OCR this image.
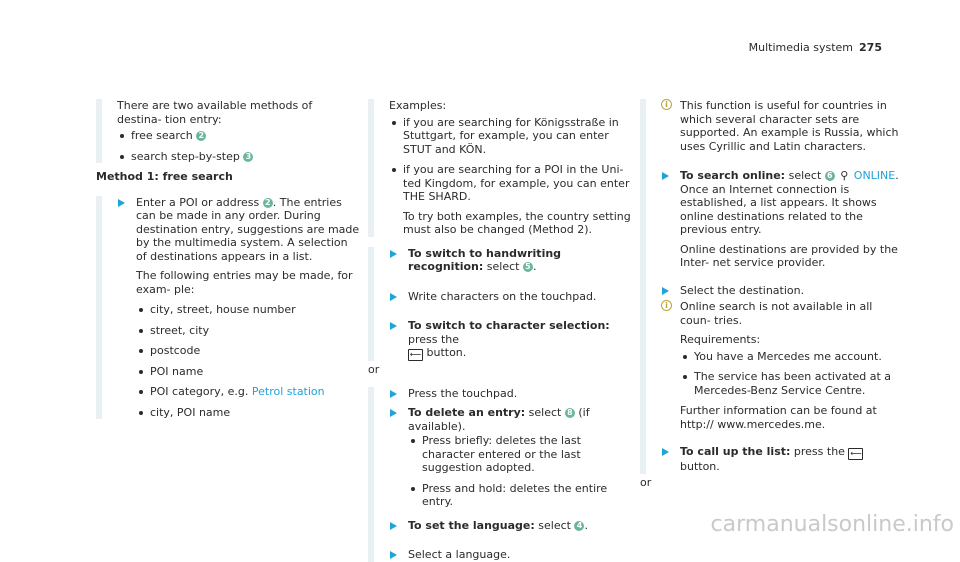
Multimedia system 275

There are two available methods of destina- tion entry:

free search 2
search step-by-step 3

Method 1: free search

Enter a POI or address 2 . The entries can be made in any order. During destination entry, suggestions are made by the multimedia system. A selection of destinations appears in a list.

The following entries may be made, for exam- ple:

city, street, house number
street, city
postcode
POI name
POI category, e.g. Petrol station
city, POI name

Examples:

if you are searching for Königsstraße in Stuttgart, for example, you can enter STUT and KÖN.
if you are searching for a POI in the Uni- ted Kingdom, for example, you can enter THE SHARD.

To try both examples, the country setting must also be changed (Method 2).

To switch to handwriting recognition: select 5 .
Write characters on the touchpad.
To switch to character selection: press the
⟵ button.

or

Press the touchpad.
To delete an entry: select 8 (if available).
Press briefly: deletes the last character entered or the last suggestion adopted.
Press and hold: deletes the entire entry.
To set the language: select 4 .
Select a language.
i	This function is useful for countries in which several character sets are supported. An example is Russia, which uses Cyrillic and Latin characters.
To search online: select 6 ⚲ ONLINE.

Once an Internet connection is established, a list appears. It shows online destinations related to the previous entry.

Online destinations are provided by the Inter- net service provider.

Select the destination.
i	Online search is not available in all coun- tries.

Requirements:

You have a Mercedes me account.
The service has been activated at a Mercedes-Benz Service Centre.

Further information can be found at http:// www.mercedes.me.

To call up the list: press the ⟵ button.

or

carmanualsonline.info
